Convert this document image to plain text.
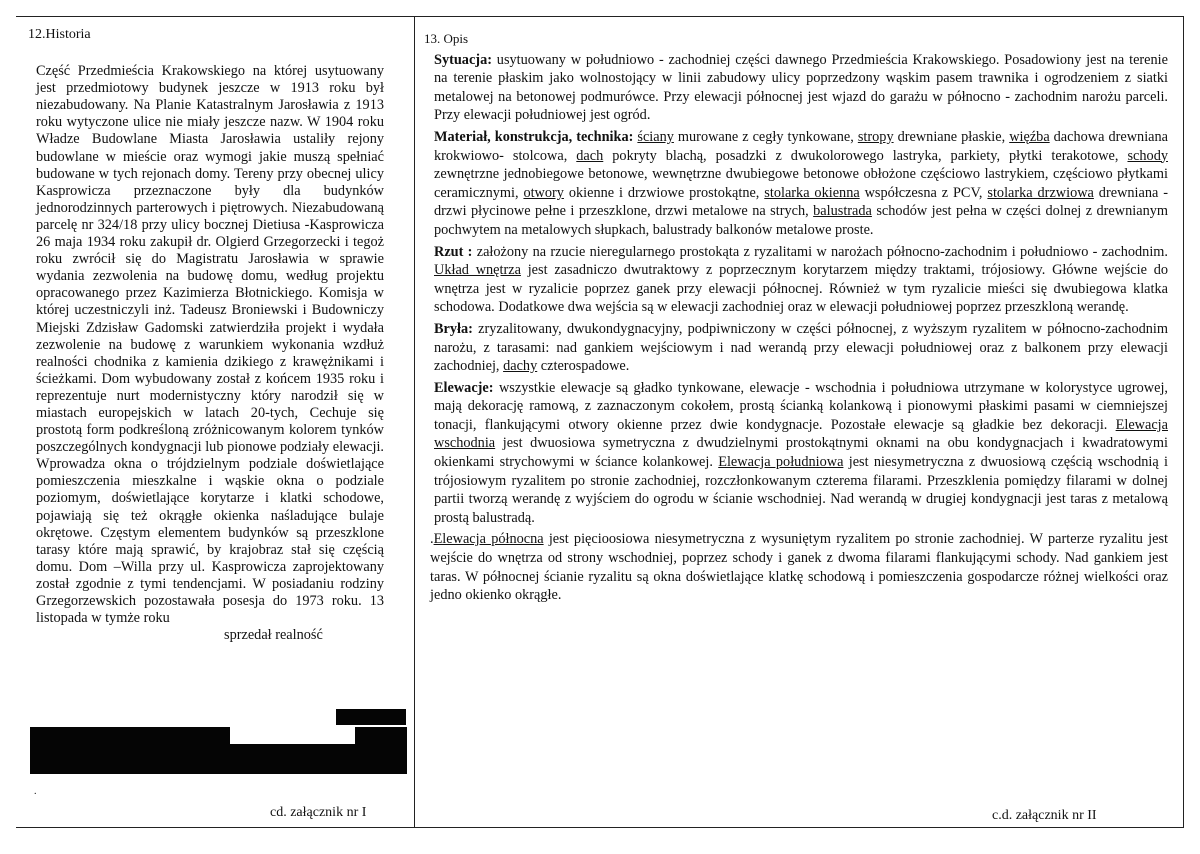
12.Historia

Część Przedmieścia Krakowskiego na której usytuowany jest przedmiotowy budynek jeszcze w 1913 roku był niezabudowany. Na Planie Katastralnym Jarosławia z 1913 roku wytyczone ulice nie miały jeszcze nazw. W 1904 roku Władze Budowlane Miasta Jarosławia ustaliły rejony budowlane w mieście oraz wymogi jakie muszą spełniać budowane w tych rejonach domy. Tereny przy obecnej ulicy Kasprowicza przeznaczone były dla budynków jednorodzinnych parterowych i piętrowych. Niezabudowaną parcelę nr 324/18 przy ulicy bocznej Dietiusa -Kasprowicza 26 maja 1934 roku zakupił dr. Olgierd Grzegorzecki i tegoż roku zwrócił się do Magistratu Jarosławia w sprawie wydania zezwolenia na budowę domu, według projektu opracowanego przez Kazimierza Błotnickiego. Komisja w której uczestniczyli inż. Tadeusz Broniewski i Budowniczy Miejski Zdzisław Gadomski zatwierdziła projekt i wydała zezwolenie na budowę z warunkiem wykonania wzdłuż realności chodnika z kamienia dzikiego z krawężnikami i ścieżkami. Dom wybudowany został z końcem 1935 roku i reprezentuje nurt modernistyczny który narodził się w miastach europejskich w latach 20-tych, Cechuje się prostotą form podkreśloną zróżnicowanym kolorem tynków poszczególnych kondygnacji lub pionowe podziały elewacji. Wprowadza okna o trójdzielnym podziale doświetlające pomieszczenia mieszkalne i wąskie okna o podziale poziomym, doświetlające korytarze i klatki schodowe, pojawiają się też okrągłe okienka naśladujące bulaje okrętowe. Częstym elementem budynków są przeszklone tarasy które mają sprawić, by krajobraz stał się częścią domu. Dom –Willa przy ul. Kasprowicza zaprojektowany został zgodnie z tymi tendencjami. W posiadaniu rodziny Grzegorzewskich pozostawała posesja do 1973 roku. 13 listopada w tymże roku
sprzedał realność

.
cd. załącznik nr I
13. Opis

Sytuacja: usytuowany w południowo - zachodniej części dawnego Przedmieścia Krakowskiego. Posadowiony jest na terenie na terenie płaskim jako wolnostojący w linii zabudowy ulicy poprzedzony wąskim pasem trawnika i ogrodzeniem z siatki metalowej na betonowej podmurówce. Przy elewacji północnej jest wjazd do garażu w północno - zachodnim narożu parceli. Przy elewacji południowej jest ogród.

Materiał, konstrukcja, technika: ściany murowane z cegły tynkowane, stropy drewniane płaskie, więźba dachowa drewniana krokwiowo- stolcowa, dach pokryty blachą, posadzki z dwukolorowego lastryka, parkiety, płytki terakotowe, schody zewnętrzne jednobiegowe betonowe, wewnętrzne dwubiegowe betonowe obłożone częściowo lastrykiem, częściowo płytkami ceramicznymi, otwory okienne i drzwiowe prostokątne, stolarka okienna współczesna z PCV, stolarka drzwiowa drewniana - drzwi płycinowe pełne i przeszklone, drzwi metalowe na strych, balustrada schodów jest pełna w części dolnej z drewnianym pochwytem na metalowych słupkach, balustrady balkonów metalowe proste.

Rzut : założony na rzucie nieregularnego prostokąta z ryzalitami w narożach północno-zachodnim i południowo - zachodnim. Układ wnętrza jest zasadniczo dwutraktowy z poprzecznym korytarzem między traktami, trójosiowy. Główne wejście do wnętrza jest w ryzalicie poprzez ganek przy elewacji północnej. Również w tym ryzalicie mieści się dwubiegowa klatka schodowa. Dodatkowe dwa wejścia są w elewacji zachodniej oraz w elewacji południowej poprzez przeszkloną werandę.

Bryła: zryzalitowany, dwukondygnacyjny, podpiwniczony w części północnej, z wyższym ryzalitem w północno-zachodnim narożu, z tarasami: nad gankiem wejściowym i nad werandą przy elewacji południowej oraz z balkonem przy elewacji zachodniej, dachy czterospadowe.

Elewacje: wszystkie elewacje są gładko tynkowane, elewacje - wschodnia i południowa utrzymane w kolorystyce ugrowej, mają dekorację ramową, z zaznaczonym cokołem, prostą ścianką kolankową i pionowymi płaskimi pasami w ciemniejszej tonacji, flankującymi otwory okienne przez dwie kondygnacje. Pozostałe elewacje są gładkie bez dekoracji. Elewacja wschodnia jest dwuosiowa symetryczna z dwudzielnymi prostokątnymi oknami na obu kondygnacjach i kwadratowymi okienkami strychowymi w ściance kolankowej. Elewacja południowa jest niesymetryczna z dwuosiową częścią wschodnią i trójosiowym ryzalitem po stronie zachodniej, rozczłonkowanym czterema filarami. Przeszklenia pomiędzy filarami w dolnej partii tworzą werandę z wyjściem do ogrodu w ścianie wschodniej. Nad werandą w drugiej kondygnacji jest taras z metalową prostą balustradą.

.Elewacja północna jest pięcioosiowa niesymetryczna z wysuniętym ryzalitem po stronie zachodniej. W parterze ryzalitu jest wejście do wnętrza od strony wschodniej, poprzez schody i ganek z dwoma filarami flankującymi schody. Nad gankiem jest taras. W północnej ścianie ryzalitu są okna doświetlające klatkę schodową i pomieszczenia gospodarcze różnej wielkości oraz jedno okienko okrągłe.

c.d. załącznik nr II
